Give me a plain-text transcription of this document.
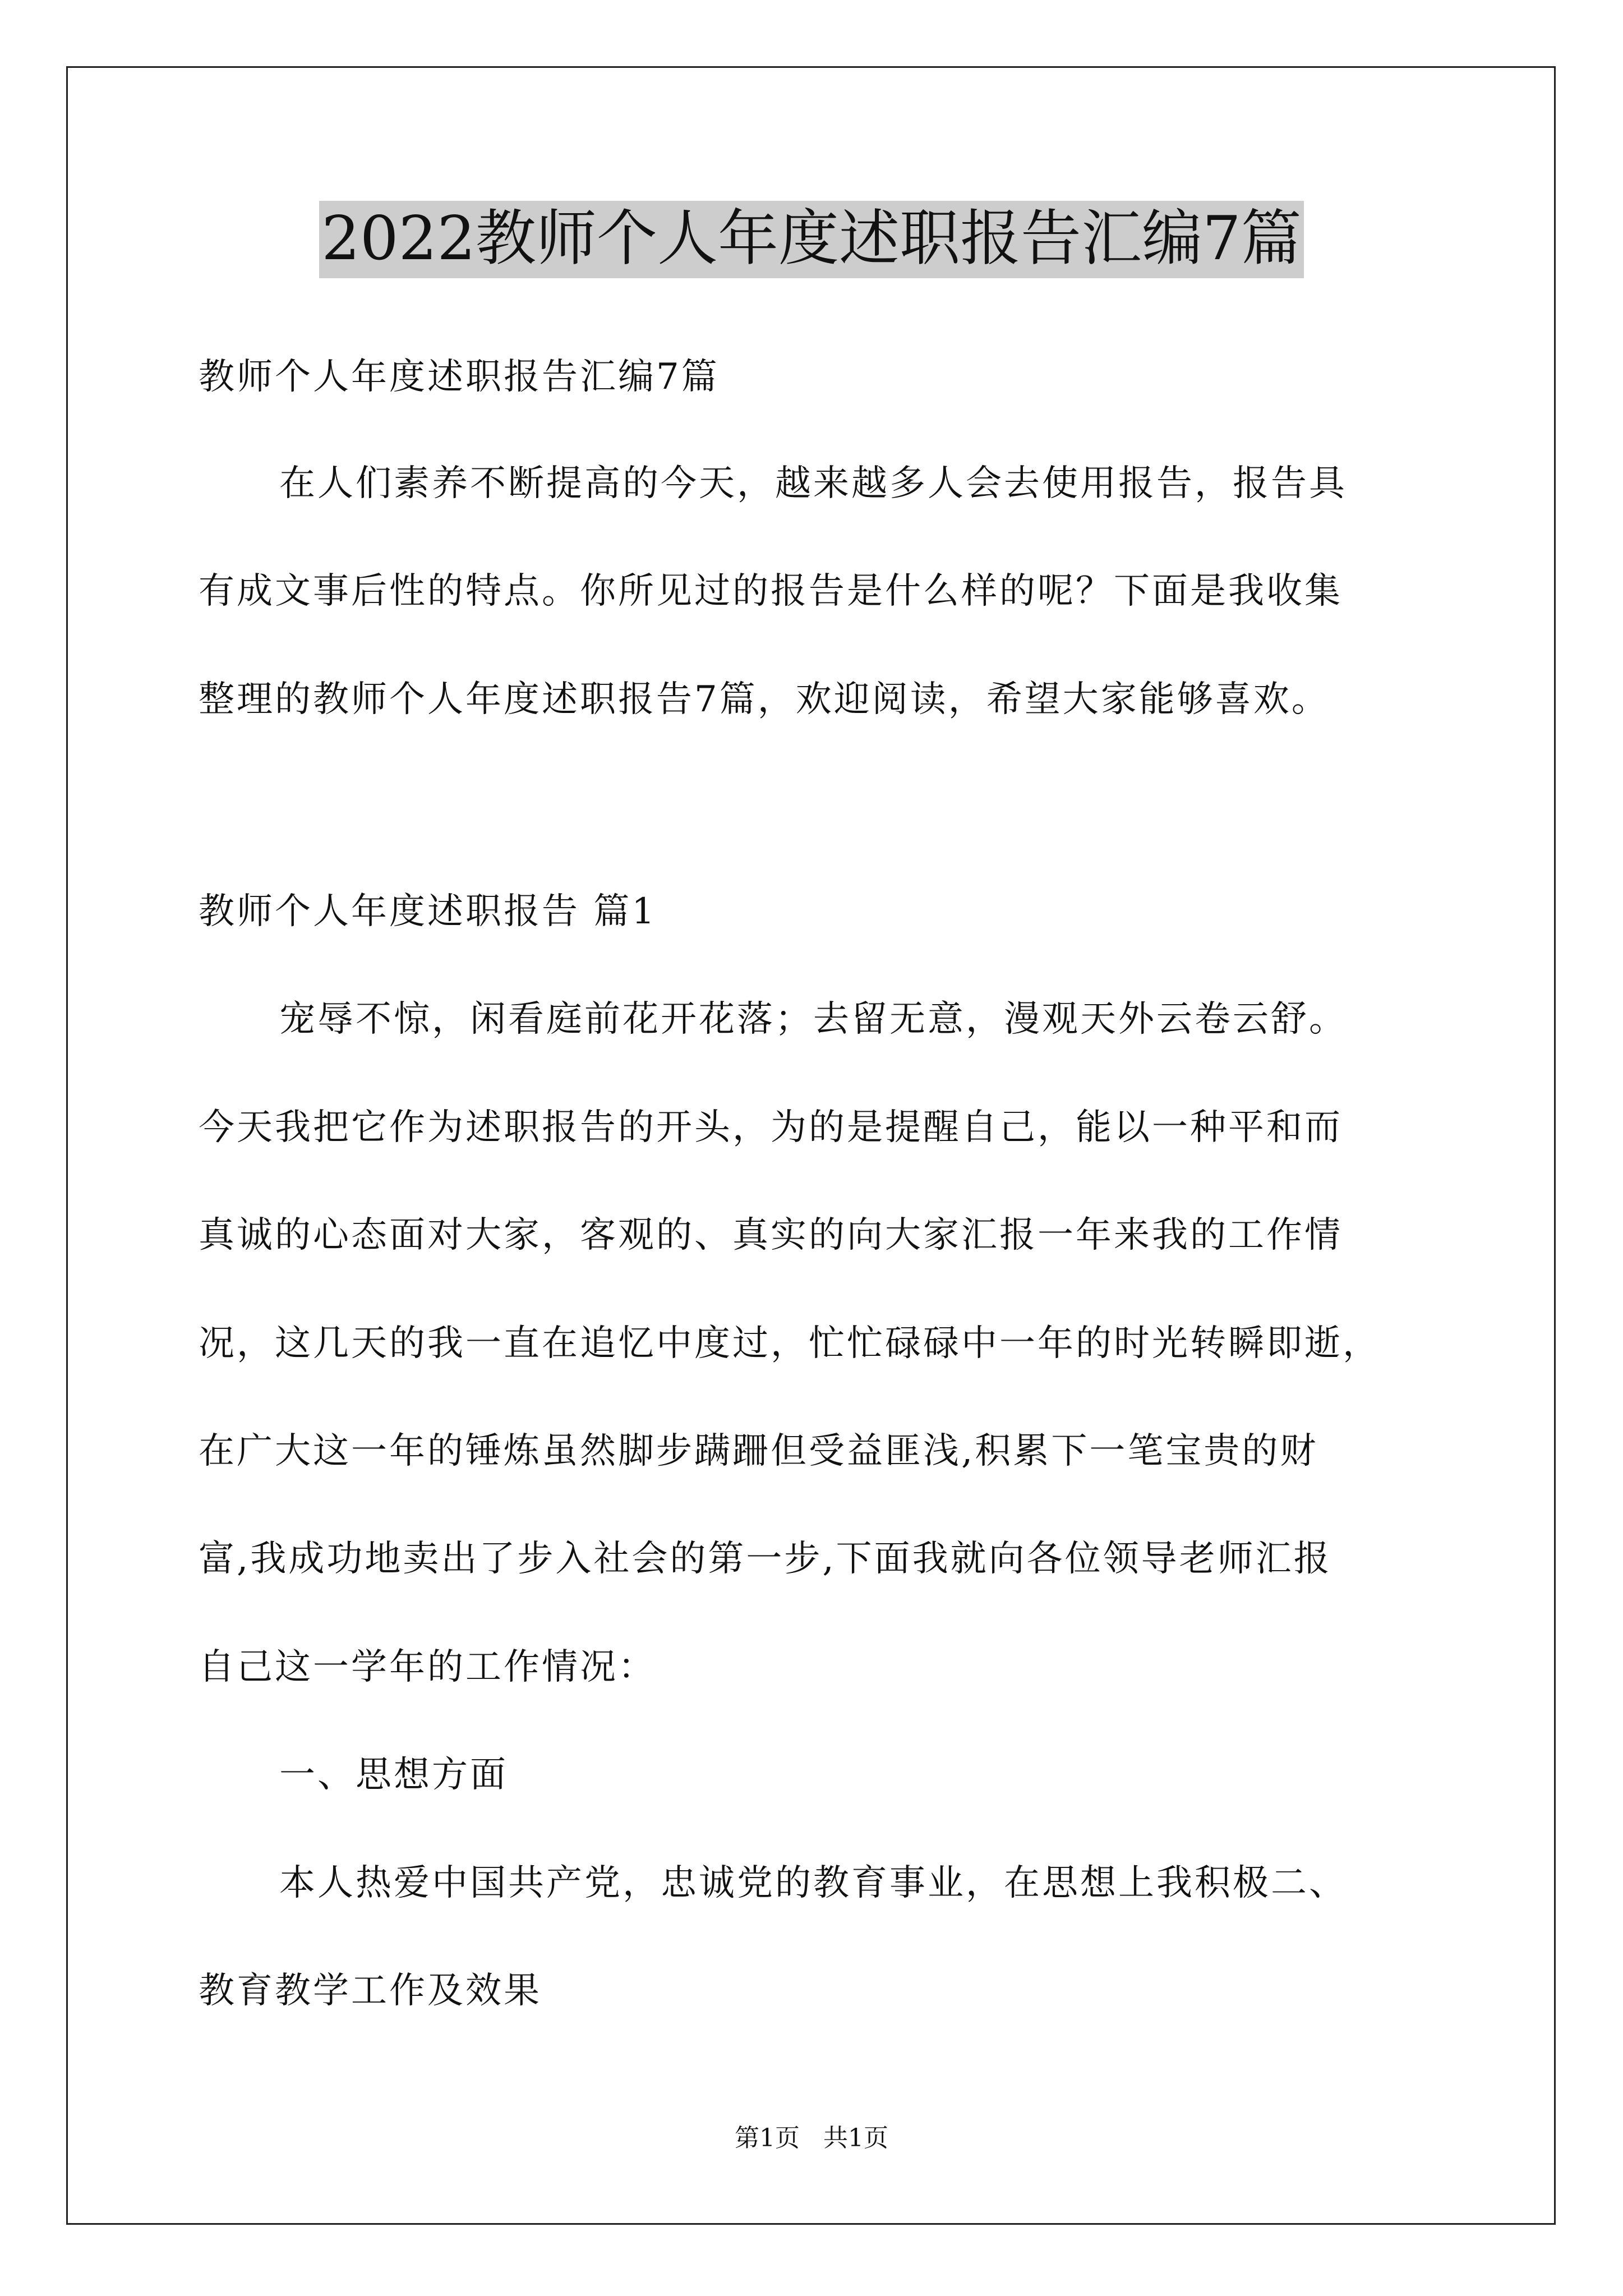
2022教师个人年度述职报告汇编7篇

教师个人年度述职报告汇编7篇

在人们素养不断提高的今天，越来越多人会去使用报告，报告具

有成文事后性的特点。你所见过的报告是什么样的呢？下面是我收集

整理的教师个人年度述职报告7篇，欢迎阅读，希望大家能够喜欢。

教师个人年度述职报告 篇1

宠辱不惊，闲看庭前花开花落；去留无意，漫观天外云卷云舒。

今天我把它作为述职报告的开头，为的是提醒自己，能以一种平和而

真诚的心态面对大家，客观的、真实的向大家汇报一年来我的工作情

况，这几天的我一直在追忆中度过，忙忙碌碌中一年的时光转瞬即逝，

在广大这一年的锤炼虽然脚步蹒跚但受益匪浅,积累下一笔宝贵的财

富,我成功地卖出了步入社会的第一步,下面我就向各位领导老师汇报

自己这一学年的工作情况：

一、思想方面

本人热爱中国共产党，忠诚党的教育事业，在思想上我积极二、

教育教学工作及效果

第1页   共1页
